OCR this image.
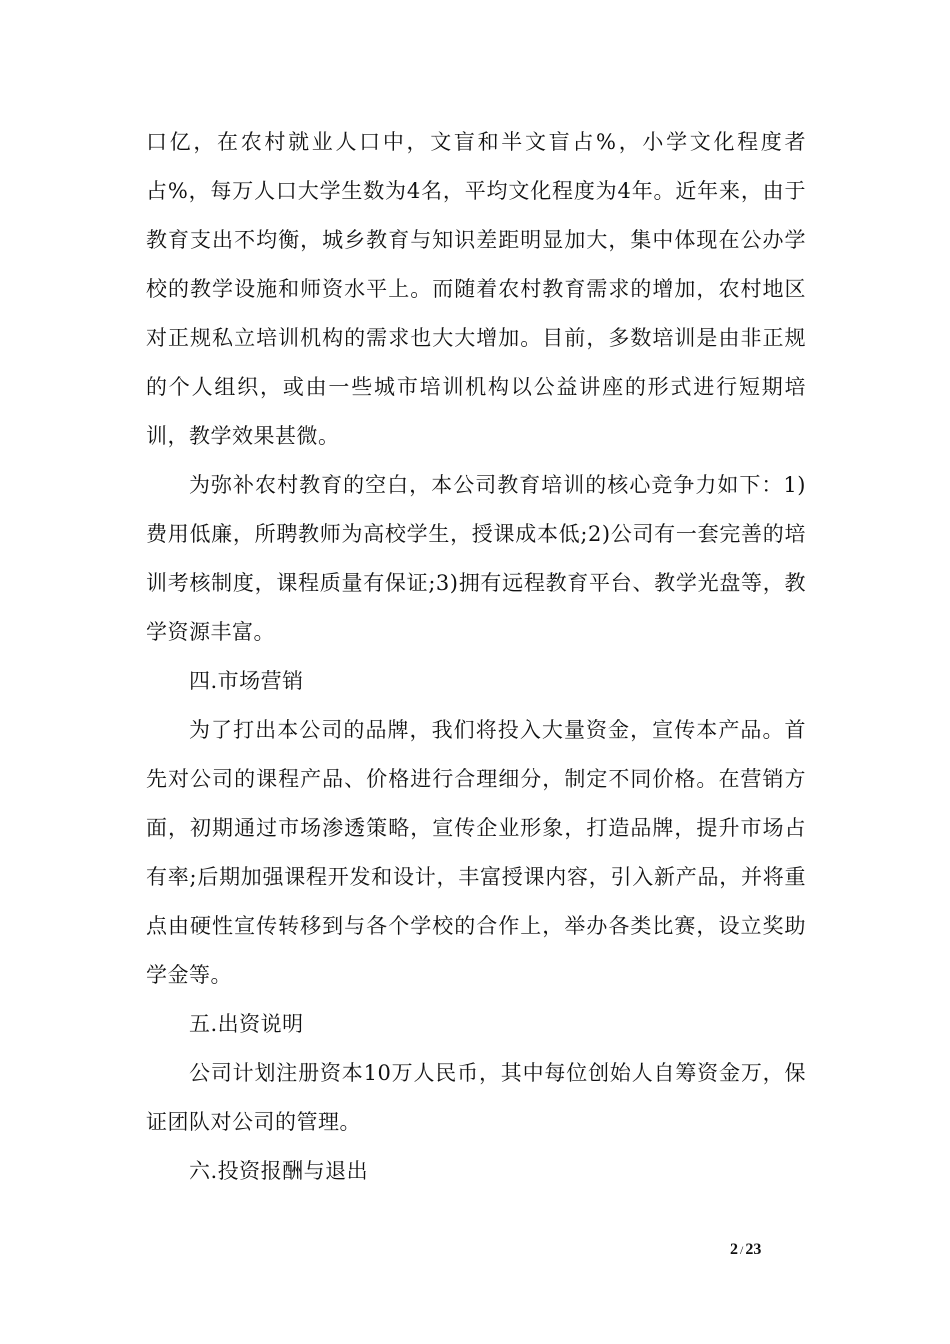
口亿，在农村就业人口中，文盲和半文盲占%，小学文化程度者占%，每万人口大学生数为4名，平均文化程度为4年。近年来，由于教育支出不均衡，城乡教育与知识差距明显加大，集中体现在公办学校的教学设施和师资水平上。而随着农村教育需求的增加，农村地区对正规私立培训机构的需求也大大增加。目前，多数培训是由非正规的个人组织，或由一些城市培训机构以公益讲座的形式进行短期培训，教学效果甚微。

为弥补农村教育的空白，本公司教育培训的核心竞争力如下：1)费用低廉，所聘教师为高校学生，授课成本低;2)公司有一套完善的培训考核制度，课程质量有保证;3)拥有远程教育平台、教学光盘等，教学资源丰富。

四.市场营销

为了打出本公司的品牌，我们将投入大量资金，宣传本产品。首先对公司的课程产品、价格进行合理细分，制定不同价格。在营销方面，初期通过市场渗透策略，宣传企业形象，打造品牌，提升市场占有率;后期加强课程开发和设计，丰富授课内容，引入新产品，并将重点由硬性宣传转移到与各个学校的合作上，举办各类比赛，设立奖助学金等。

五.出资说明

公司计划注册资本10万人民币，其中每位创始人自筹资金万，保证团队对公司的管理。

六.投资报酬与退出

2 / 23
